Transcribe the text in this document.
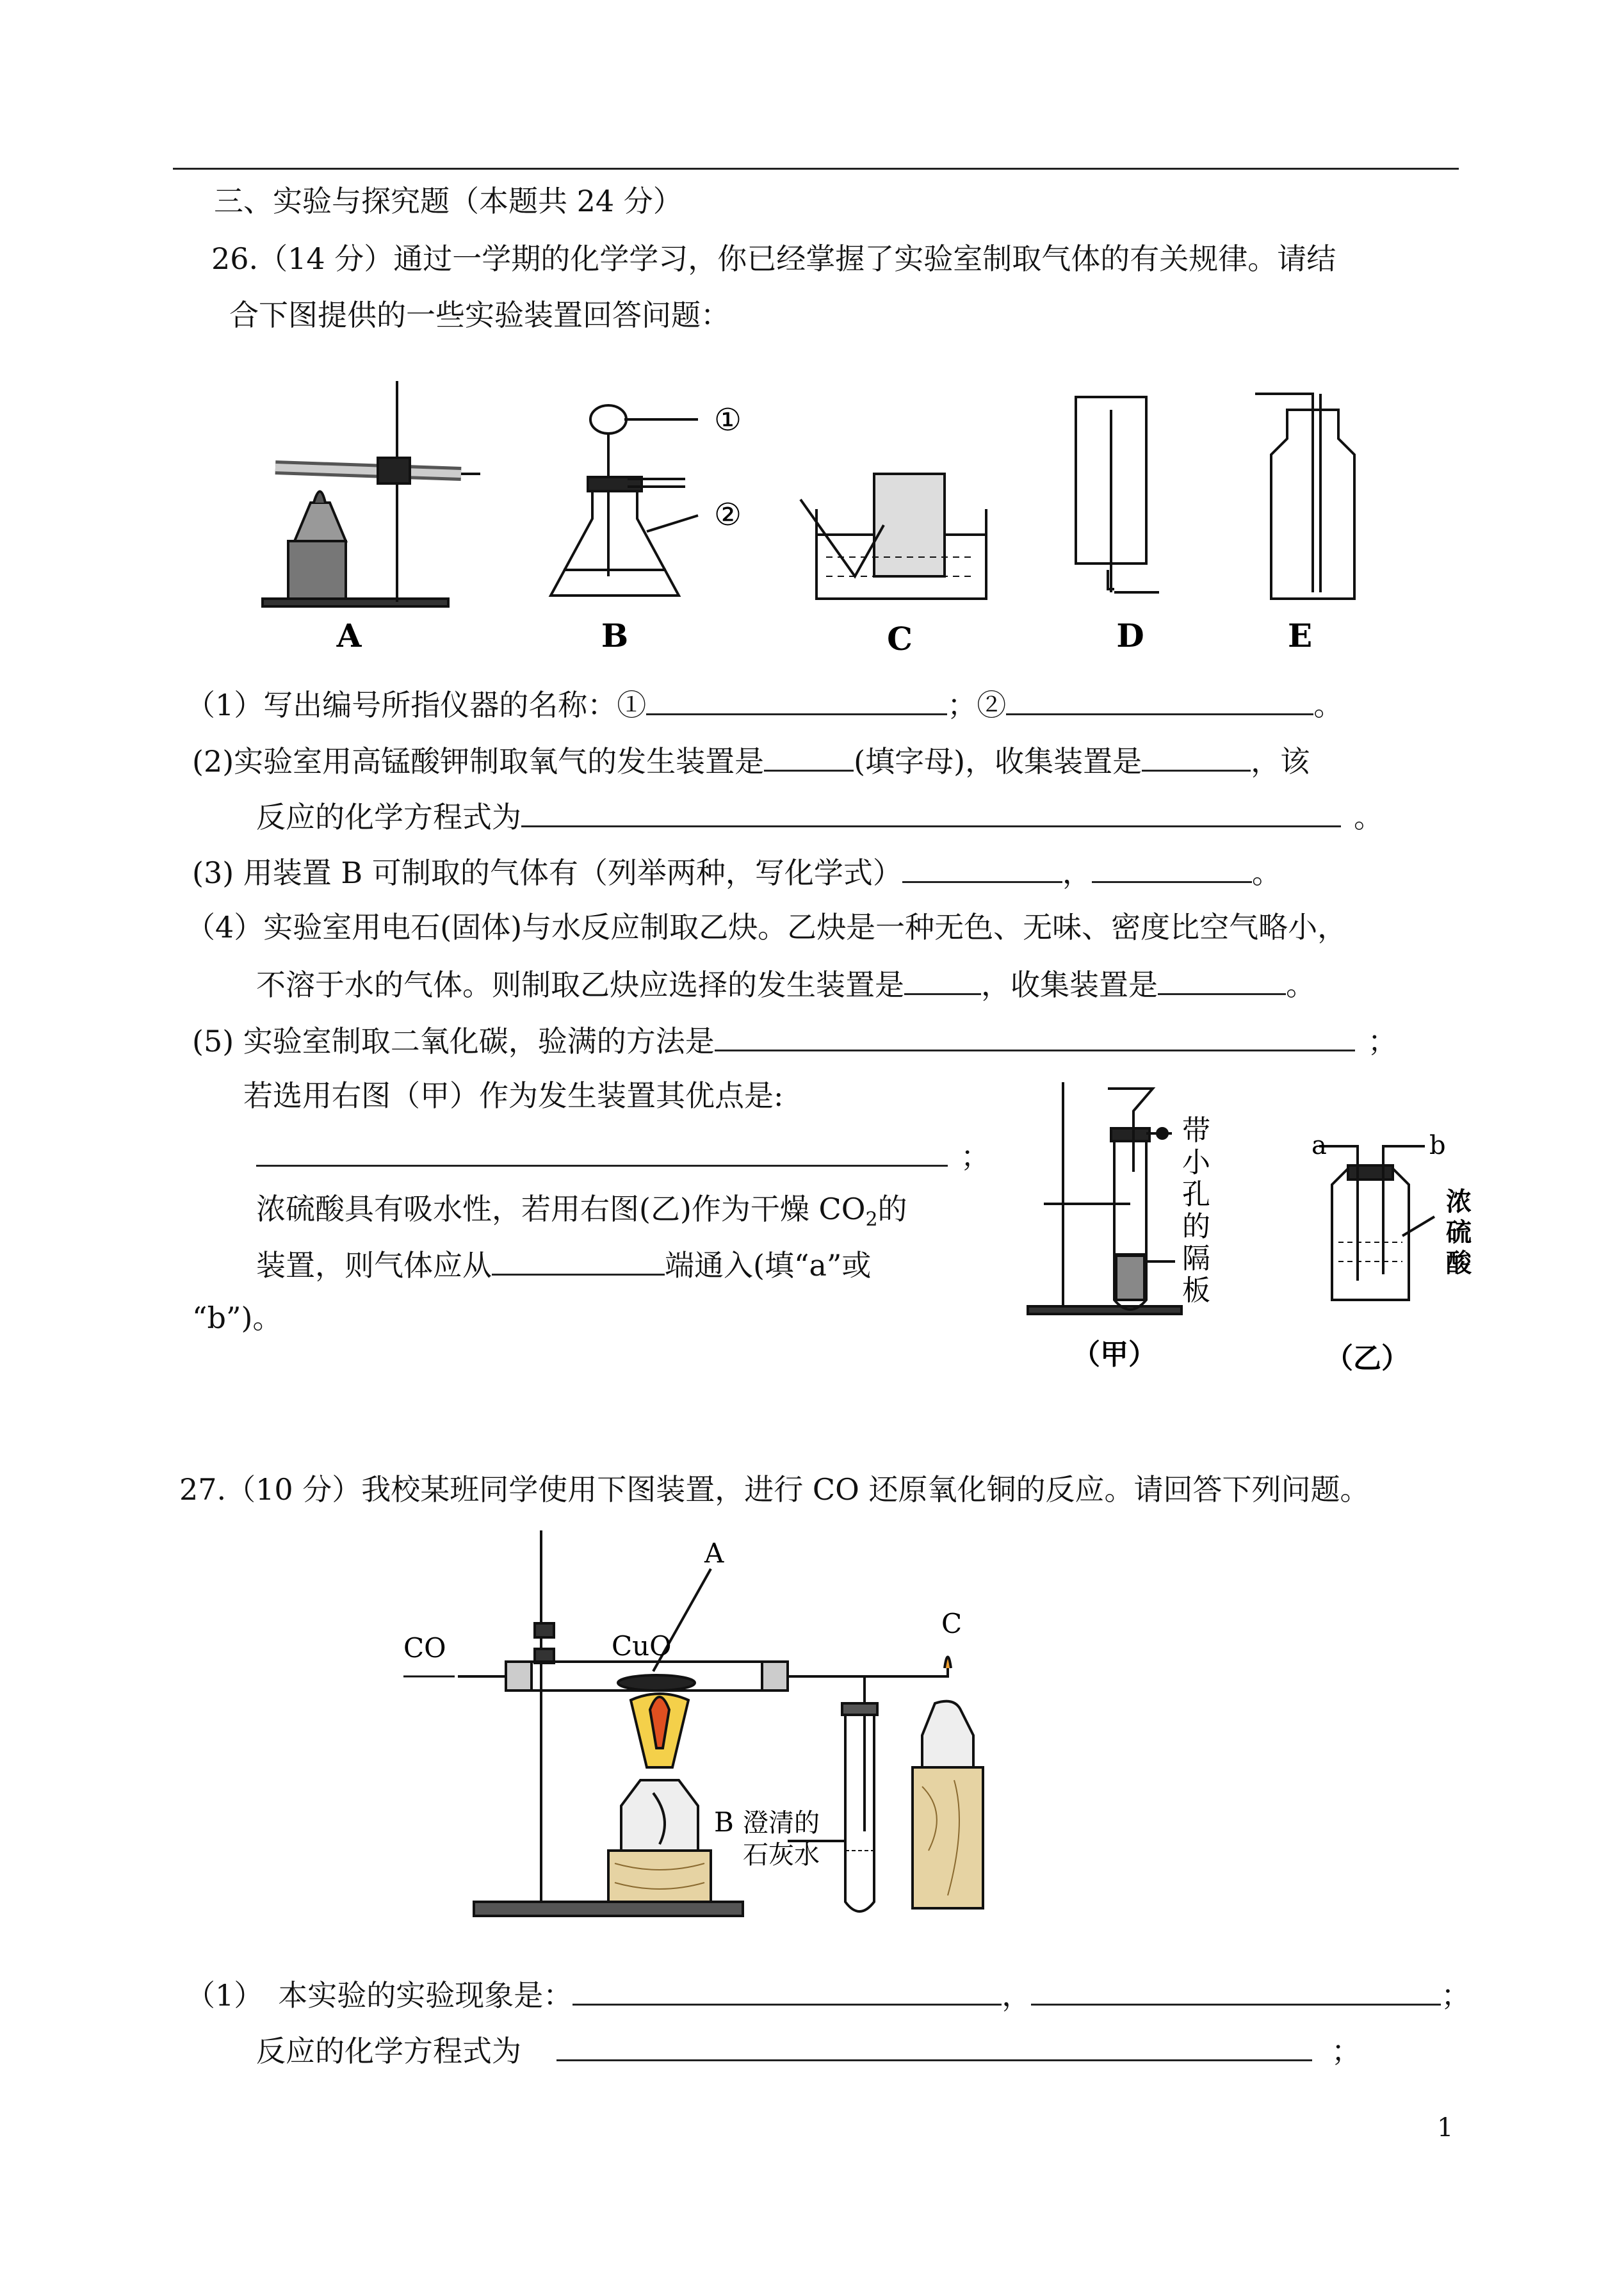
三、实验与探究题（本题共 24 分）
26.（14 分）通过一学期的化学学习，你已经掌握了实验室制取气体的有关规律。请结
合下图提供的一些实验装置回答问题：
A
①
②
B	C	D	E
（1）写出编号所指仪器的名称：①	；②	。
(2)实验室用高锰酸钾制取氧气的发生装置是	(填字母)，收集装置是	，该
反应的化学方程式为	。
(3) 用装置 B 可制取的气体有（列举两种，写化学式）	，	。
（4）实验室用电石(固体)与水反应制取乙炔。乙炔是一种无色、无味、密度比空气略小，
不溶于水的气体。则制取乙炔应选择的发生装置是	，收集装置是	。
(5) 实验室制取二氧化碳，验满的方法是	；
若选用右图（甲）作为发生装置其优点是:
；
浓硫酸具有吸水性，若用右图(乙)作为干燥 $CO_2$的
装置，则气体应从	端通入(填“a”或
“b”)。
带
小
孔
的
隔
板
（甲）
a	b
浓
硫
酸
（乙）
27.（10 分）我校某班同学使用下图装置，进行 CO 还原氧化铜的反应。请回答下列问题。
CO	CuO
A
B 澄清的
石灰水
C
（1）　本实验的实验现象是：	，	；
反应的化学方程式为	；
1
